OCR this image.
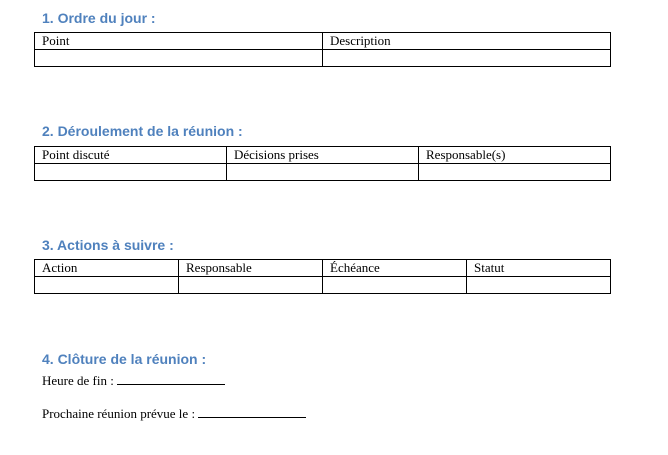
1. Ordre du jour :
Point	Description

2. Déroulement de la réunion :
Point discuté	Décisions prises	Responsable(s)

3. Actions à suivre :
Action	Responsable	Échéance	Statut

4. Clôture de la réunion :
Heure de fin :
Prochaine réunion prévue le :
